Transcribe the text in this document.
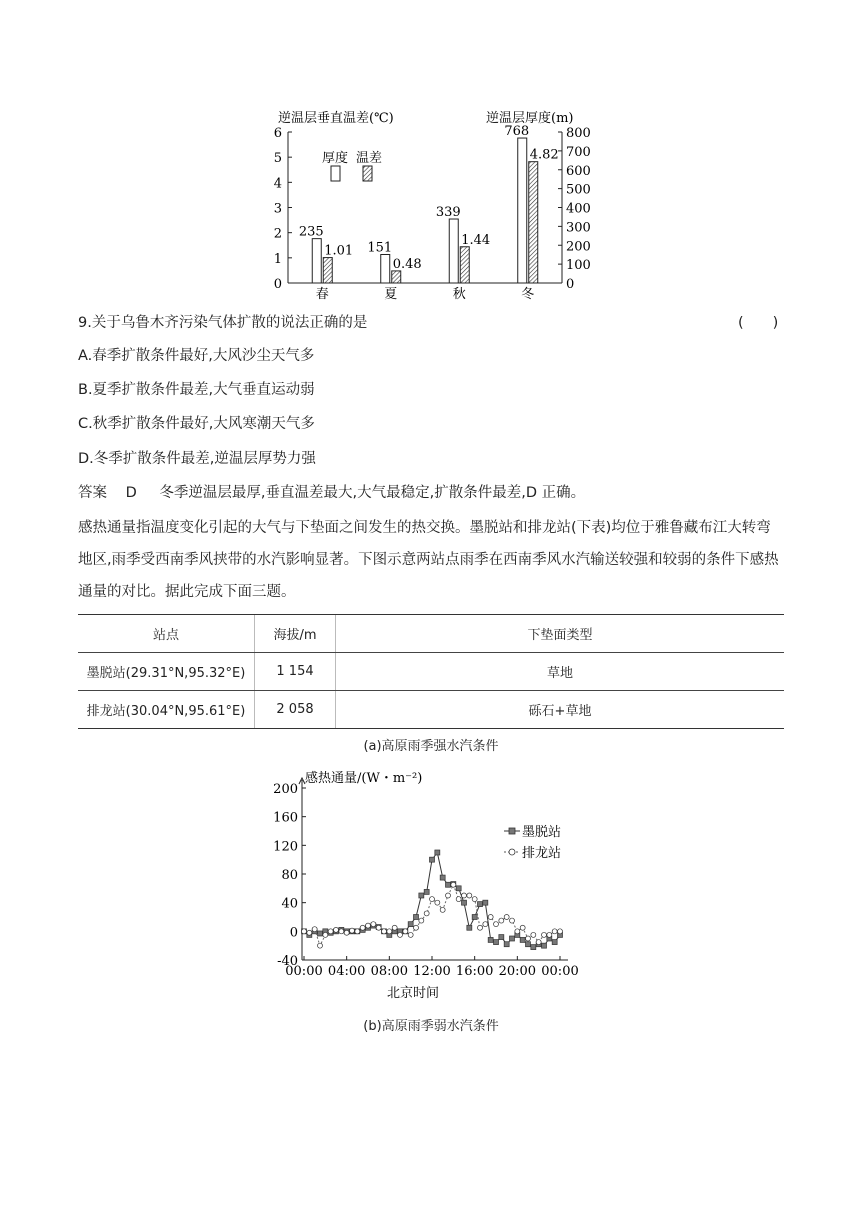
逆温层垂直温差(℃)	逆温层厚度(m)
0
1
2
3
4
5
6
0
100
200
300
400
500
600
700
800
春	夏	秋	冬
235
1.01 151
0.48
339
1.44
768
4.82
厚度 温差
9.关于乌鲁木齐污染气体扩散的说法正确的是	(　　)
A.春季扩散条件最好,大风沙尘天气多
B.夏季扩散条件最差,大气垂直运动弱
C.秋季扩散条件最好,大风寒潮天气多
D.冬季扩散条件最差,逆温层厚势力强
答案 D 冬季逆温层最厚,垂直温差最大,大气最稳定,扩散条件最差,D 正确。
感热通量指温度变化引起的大气与下垫面之间发生的热交换。墨脱站和排龙站(下表)均位于雅鲁藏布江大转弯地区,雨季受西南季风挟带的水汽影响显著。下图示意两站点雨季在西南季风水汽输送较强和较弱的条件下感热通量的对比。据此完成下面三题。
站点	海拔/m	下垫面类型
墨脱站(29.31°N,95.32°E)	1 154	草地
排龙站(30.04°N,95.61°E)	2 058	砾石+草地
(a)高原雨季强水汽条件
感热通量/(W・m⁻²)
-40
0
40
80
120
160
200
00:00 04:00 08:00 12:00 16:00 20:00 00:00
北京时间
墨脱站
排龙站
(b)高原雨季弱水汽条件
